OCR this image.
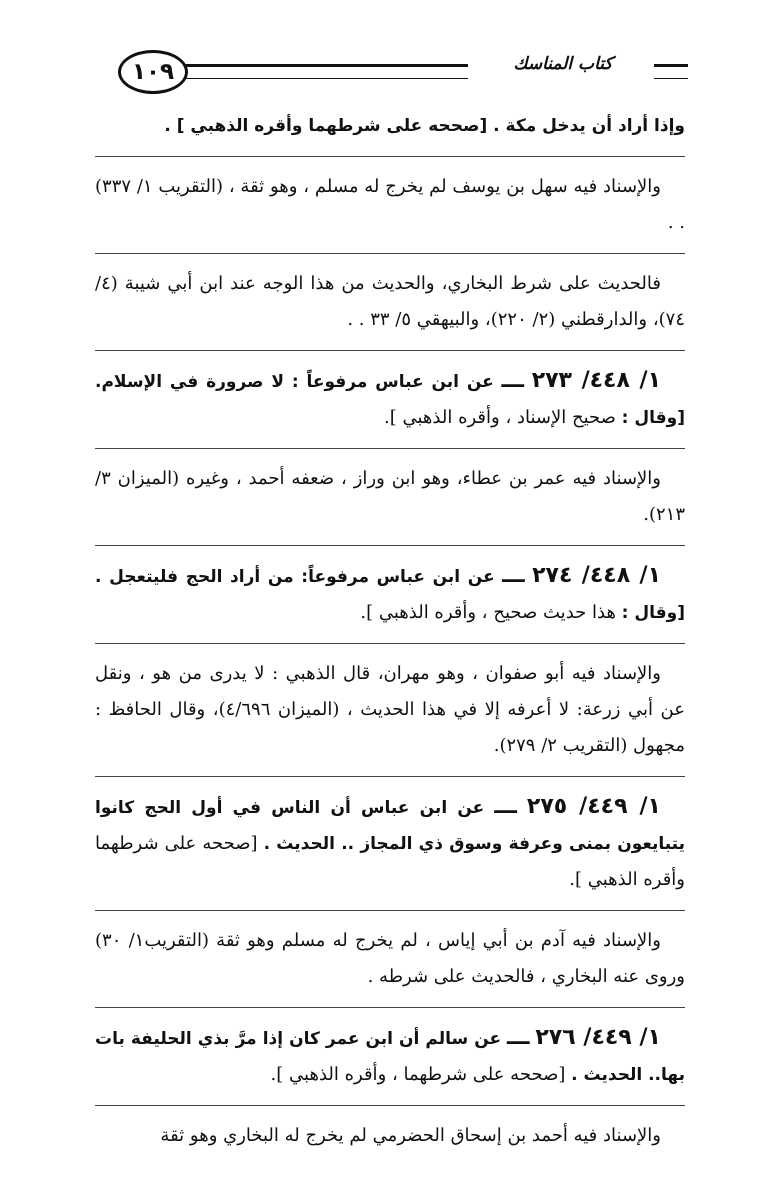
١٠٩	كتاب المناسك

وإذا أراد أن يدخل مكة . [صححه على شرطهما وأقره الذهبي ] .

والإسناد فيه سهل بن يوسف لم يخرج له مسلم ، وهو ثقة ، (التقريب ١/ ٣٣٧) . .

فالحديث على شرط البخاري، والحديث من هذا الوجه عند ابن أبي شيبة (٤/ ٧٤)، والدارقطني (٢/ ٢٢٠)، والبيهقي ٥/ ٣٣ . .

١/ ٤٤٨/ ٢٧٣ ـــ عن ابن عباس مرفوعاً : لا صرورة في الإسلام. [وقال : صحيح الإسناد ، وأقره الذهبي ].

والإسناد فيه عمر بن عطاء، وهو ابن وراز ، ضعفه أحمد ، وغيره (الميزان ٣/ ٢١٣).

١/ ٤٤٨/ ٢٧٤ ـــ عن ابن عباس مرفوعاً: من أراد الحج فليتعجل . [وقال : هذا حديث صحيح ، وأقره الذهبي ].

والإسناد فيه أبو صفوان ، وهو مهران، قال الذهبي : لا يدرى من هو ، ونقل عن أبي زرعة: لا أعرفه إلا في هذا الحديث ، (الميزان ٤/٦٩٦)، وقال الحافظ : مجهول (التقريب ٢/ ٢٧٩).

١/ ٤٤٩/ ٢٧٥ ـــ عن ابن عباس أن الناس في أول الحج كانوا يتبايعون بمنى وعرفة وسوق ذي المجاز .. الحديث . [صححه على شرطهما وأقره الذهبي ].

والإسناد فيه آدم بن أبي إياس ، لم يخرج له مسلم وهو ثقة (التقريب١/ ٣٠) وروى عنه البخاري ، فالحديث على شرطه .

١/ ٤٤٩/ ٢٧٦ ـــ عن سالم أن ابن عمر كان إذا مرَّ بذي الحليفة بات بها.. الحديث . [صححه على شرطهما ، وأقره الذهبي ].

والإسناد فيه أحمد بن إسحاق الحضرمي لم يخرج له البخاري وهو ثقة
